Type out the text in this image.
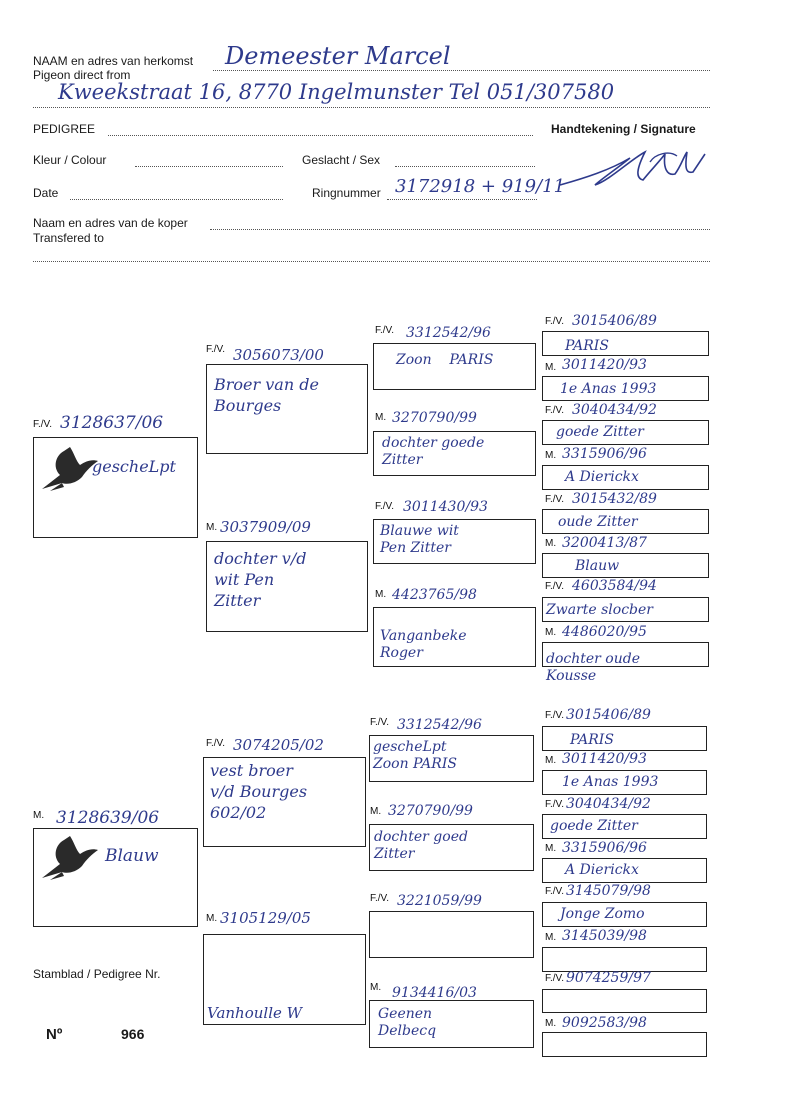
NAAM en adres van herkomst
Pigeon direct from
Demeester Marcel
Kweekstraat 16, 8770 Ingelmunster Tel 051/307580
PEDIGREE	Handtekening / Signature
Kleur / Colour	Geslacht / Sex
Date	Ringnummer 3172918 + 919/11
Naam en adres van de koper
Transfered to
F./V. 3128637/06
gescheLpt
F./V. 3056073/00
Broer van de
Bourges
M. 3037909/09
dochter v/d
wit Pen
Zitter
F./V. 3312542/96
Zoon    PARIS
M. 3270790/99
dochter goede
Zitter
F./V. 3011430/93
Blauwe wit
Pen Zitter
M. 4423765/98
Vanganbeke
Roger
F./V. 3015406/89
PARIS
M. 3011420/93
1e Anas 1993
F./V. 3040434/92
goede Zitter
M. 3315906/96
A Dierickx
F./V. 3015432/89
oude Zitter
M. 3200413/87
Blauw
F./V. 4603584/94
Zwarte slocber
M. 4486020/95
dochter oude
Kousse
M. 3128639/06
Blauw
F./V. 3074205/02
vest broer
v/d Bourges
602/02
M. 3105129/05
Vanhoulle W
F./V. 3312542/96
gescheLpt
Zoon PARIS
M. 3270790/99
dochter goed
Zitter
F./V. 3221059/99
M. 9134416/03
Geenen
Delbecq
F./V. 3015406/89
PARIS
M. 3011420/93
1e Anas 1993
F./V. 3040434/92
goede Zitter
M. 3315906/96
A Dierickx
F./V. 3145079/98
Jonge Zomo
M. 3145039/98
F./V. 9074259/97
M. 9092583/98
Stamblad / Pedigree Nr.
Nº	966
